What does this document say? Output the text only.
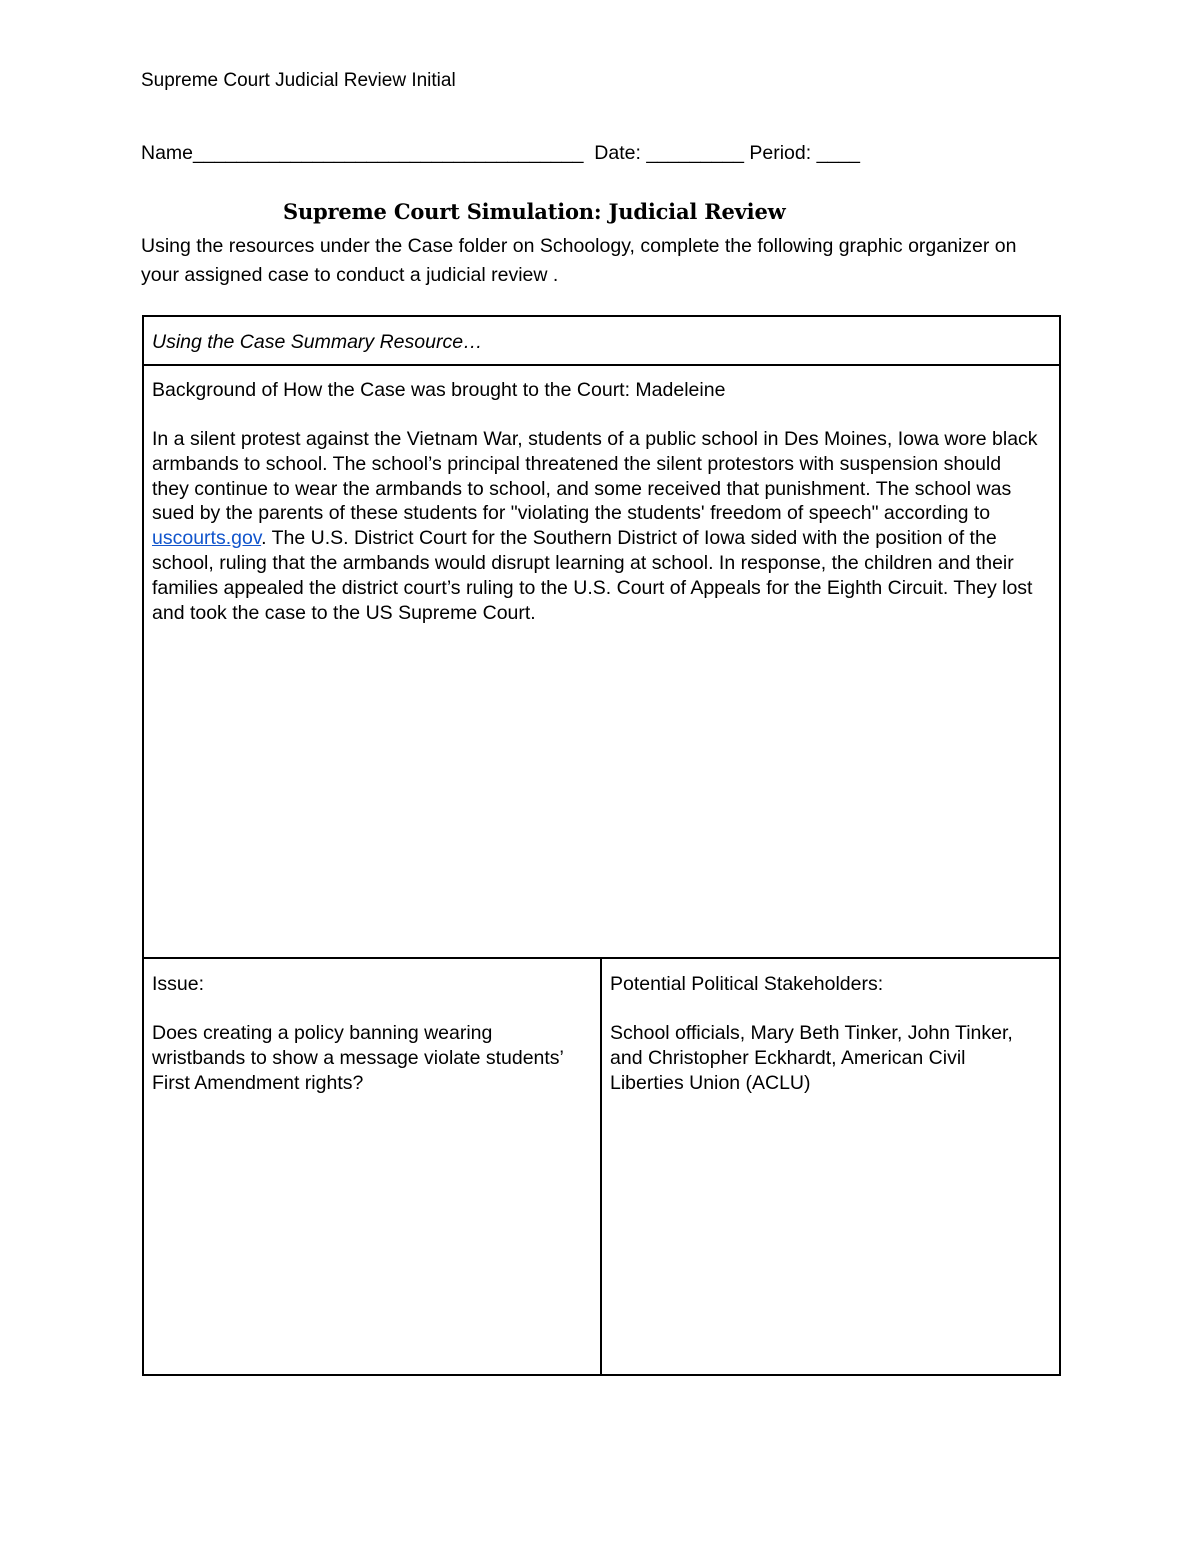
Supreme Court Judicial Review Initial
Name____________________________________ Date: _________ Period: ____
Supreme Court Simulation: Judicial Review
Using the resources under the Case folder on Schoology, complete the following graphic organizer on your assigned case to conduct a judicial review .
Using the Case Summary Resource…
Background of How the Case was brought to the Court: Madeleine
In a silent protest against the Vietnam War, students of a public school in Des Moines, Iowa wore black armbands to school. The school’s principal threatened the silent protestors with suspension should they continue to wear the armbands to school, and some received that punishment. The school was sued by the parents of these students for "violating the students' freedom of speech" according to uscourts.gov. The U.S. District Court for the Southern District of Iowa sided with the position of the school, ruling that the armbands would disrupt learning at school. In response, the children and their families appealed the district court’s ruling to the U.S. Court of Appeals for the Eighth Circuit. They lost and took the case to the US Supreme Court.
Issue:
Does creating a policy banning wearing wristbands to show a message violate students’ First Amendment rights?
Potential Political Stakeholders:
School officials, Mary Beth Tinker, John Tinker, and Christopher Eckhardt, American Civil Liberties Union (ACLU)
